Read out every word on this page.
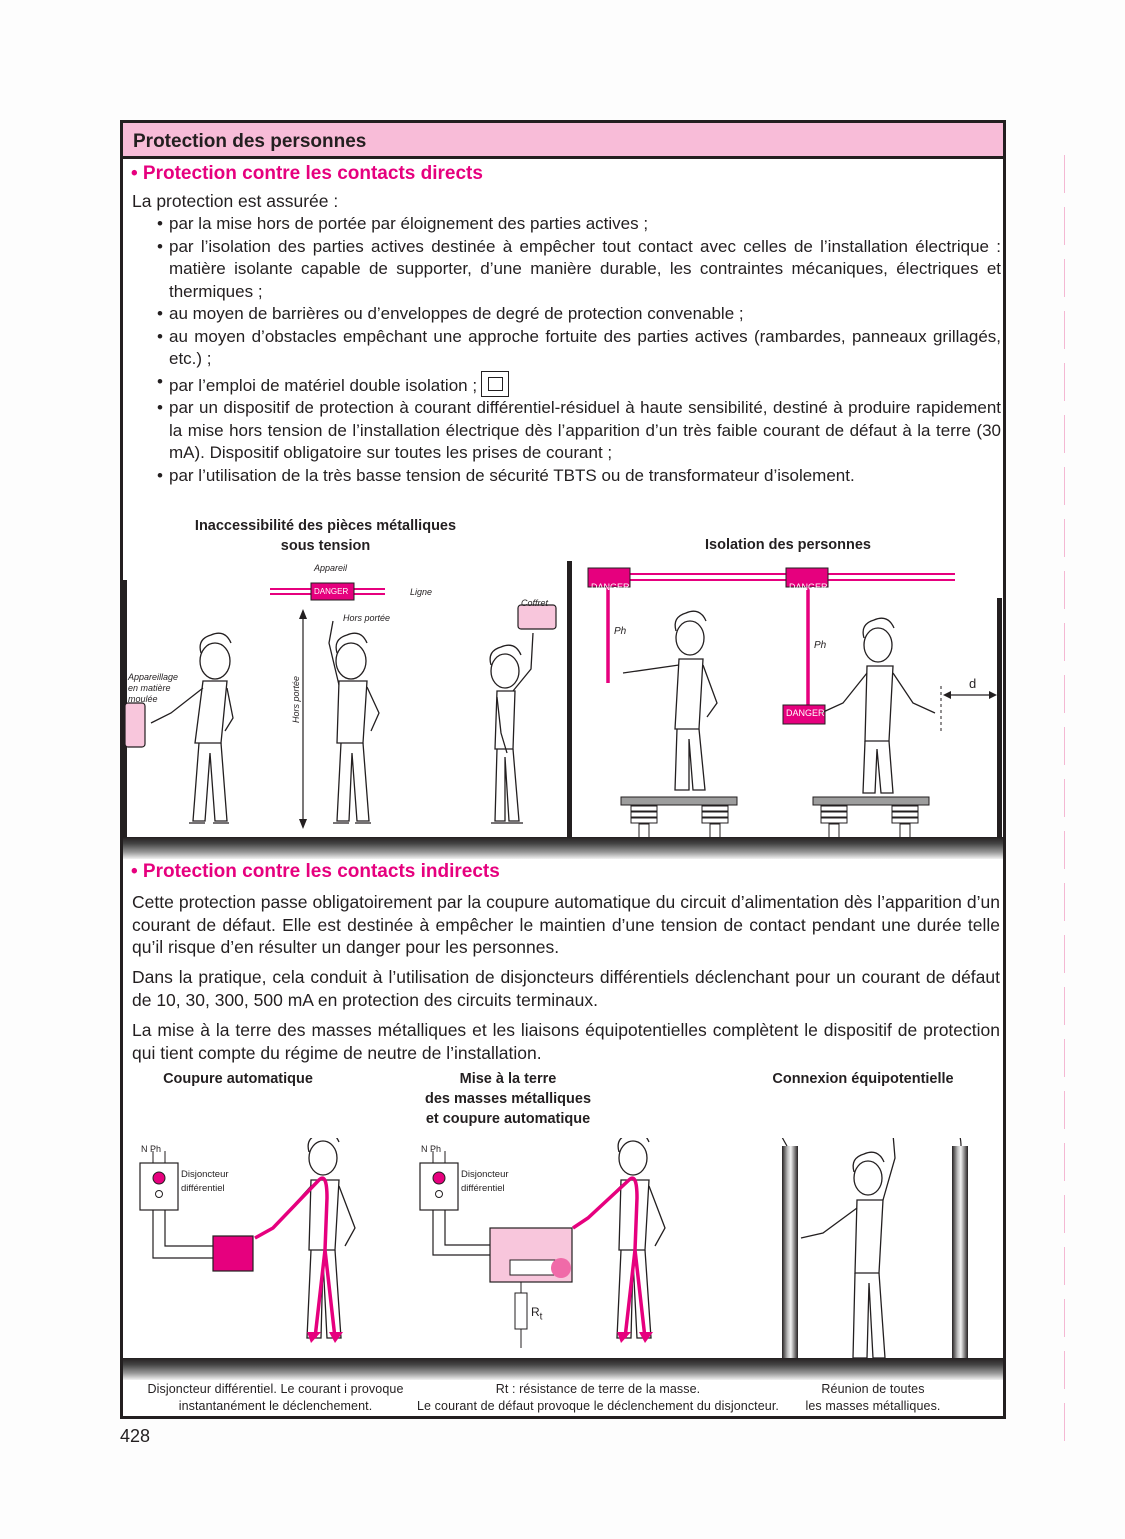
Protection des personnes
• Protection contre les contacts directs
La protection est assurée :
• par la mise hors de portée par éloignement des parties actives ;
• par l’isolation des parties actives destinée à empêcher tout contact avec celles de l’installation électrique : matière isolante capable de supporter, d’une manière durable, les contraintes mécaniques, électriques et thermiques ;
• au moyen de barrières ou d’enveloppes de degré de protection convenable ;
• au moyen d’obstacles empêchant une approche fortuite des parties actives (rambardes, panneaux grillagés, etc.) ;
• par l’emploi de matériel double isolation ;
• par un dispositif de protection à courant différentiel-résiduel à haute sensibilité, destiné à produire rapidement la mise hors tension de l’installation électrique dès l’apparition d’un très faible courant de défaut à la terre (30 mA). Dispositif obligatoire sur toutes les prises de courant ;
• par l’utilisation de la très basse tension de sécurité TBTS ou de transformateur d’isolement.
Inaccessibilité des pièces métalliques
sous tension	Isolation des personnes
Appareil
DANGER	Ligne
Hors portée
Hors portée
Coffret
Appareillage
en matière
moulée
DANGER	DANGER
DANGER
Ph
Ph
d
• Protection contre les contacts indirects
Cette protection passe obligatoirement par la coupure automatique du circuit d’alimentation dès l’apparition d’un courant de défaut. Elle est destinée à empêcher le maintien d’une tension de contact pendant une durée telle qu’il risque d’en résulter un danger pour les personnes.
Dans la pratique, cela conduit à l’utilisation de disjoncteurs différentiels déclenchant pour un courant de défaut de 10, 30, 300, 500 mA en protection des circuits terminaux.
La mise à la terre des masses métalliques et les liaisons équipotentielles complètent le dispositif de protection qui tient compte du régime de neutre de l’installation.
Coupure automatique	Mise à la terre
des masses métalliques
et coupure automatique
Connexion équipotentielle
N Ph
Disjoncteur
différentiel
N Ph
Disjoncteur
différentiel
$R_t$
Disjoncteur différentiel. Le courant i provoque
instantanément le déclenchement.
Rt : résistance de terre de la masse.
Le courant de défaut provoque le déclenchement du disjoncteur.
Réunion de toutes
les masses métalliques.
428
